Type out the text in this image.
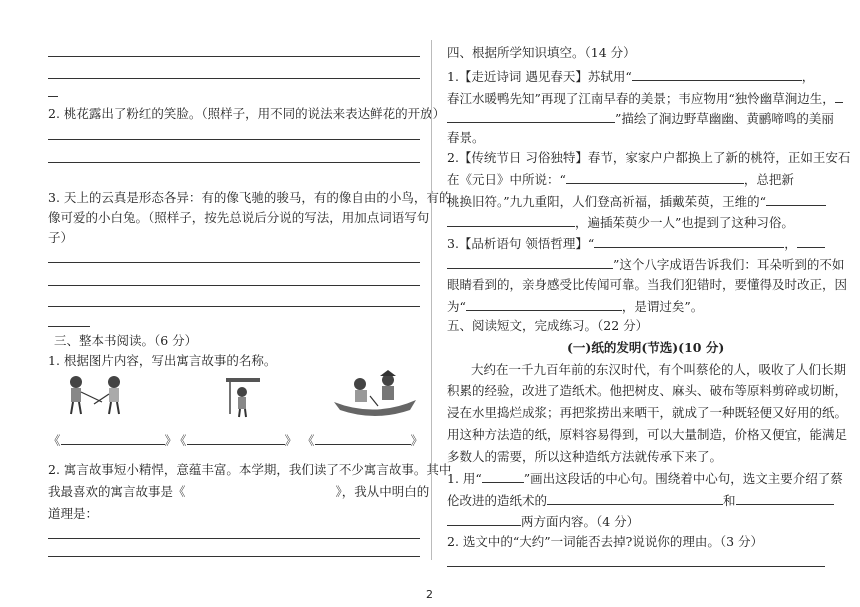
2. 桃花露出了粉红的笑脸。（照样子，用不同的说法来表达鲜花的开放）
3. 天上的云真是形态各异：有的像飞驰的骏马，有的像自由的小鸟，有的
像可爱的小白兔。（照样子，按先总说后分说的写法，用加点词语写句
子）
三、整本书阅读。（6 分）
1. 根据图片内容，写出寓言故事的名称。
《	》
《	》 《	》
2. 寓言故事短小精悍，意蕴丰富。本学期，我们读了不少寓言故事。其中
我最喜欢的寓言故事是《	》，我从中明白的
道理是：
四、根据所学知识填空。（14 分）
1.【走近诗词 遇见春天】苏轼用“	，
春江水暖鸭先知”再现了江南早春的美景；韦应物用“独怜幽草涧边生，
”描绘了涧边野草幽幽、黄鹂啼鸣的美丽
春景。
2.【传统节日 习俗独特】春节，家家户户都换上了新的桃符，正如王安石
在《元日》中所说：“	，总把新
桃换旧符。”九九重阳，人们登高祈福，插戴茱萸，王维的“
，遍插茱萸少一人”也提到了这种习俗。
3.【品析语句 领悟哲理】“	，
”这个八字成语告诉我们：耳朵听到的不如
眼睛看到的，亲身感受比传闻可靠。当我们犯错时，要懂得及时改正，因
为“	，是谓过矣”。
五、阅读短文，完成练习。（22 分）
(一)纸的发明(节选)(10 分)
大约在一千九百年前的东汉时代，有个叫蔡伦的人，吸收了人们长期
积累的经验，改进了造纸术。他把树皮、麻头、破布等原料剪碎或切断，
浸在水里捣烂成浆；再把浆捞出来晒干，就成了一种既轻便又好用的纸。
用这种方法造的纸，原料容易得到，可以大量制造，价格又便宜，能满足
多数人的需要，所以这种造纸方法就传承下来了。
1. 用“	”画出这段话的中心句。围绕着中心句，选文主要介绍了蔡
伦改进的造纸术的	和
两方面内容。（4 分）
2. 选文中的“大约”一词能否去掉?说说你的理由。（3 分）
2
